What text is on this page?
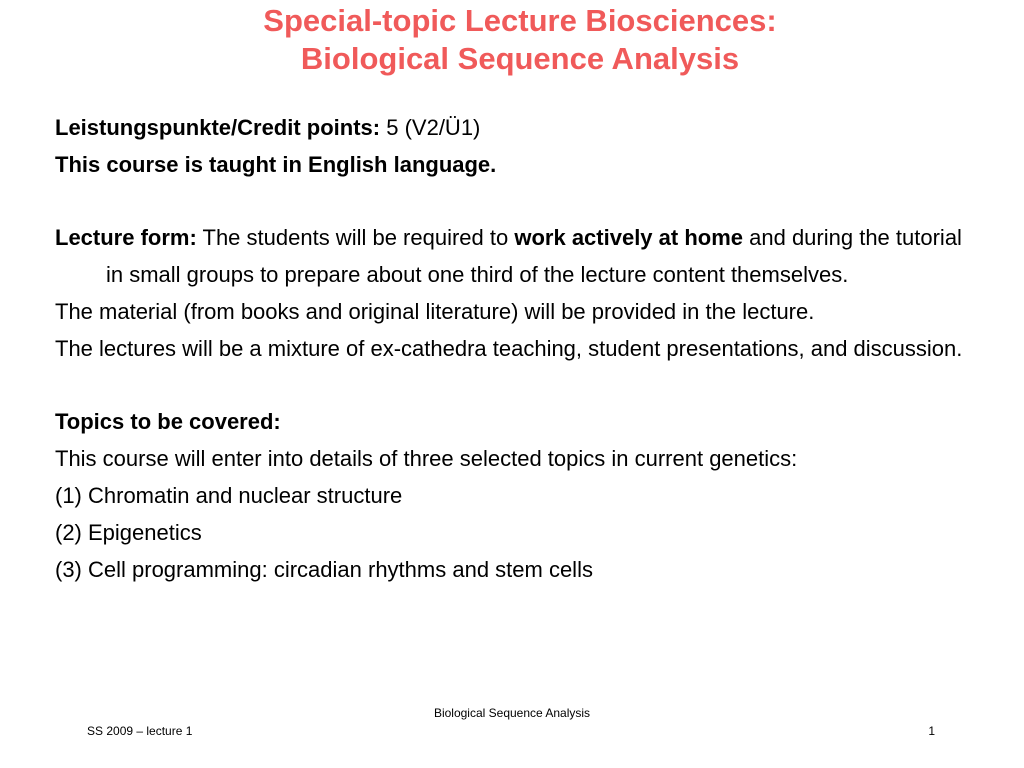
Special-topic Lecture Biosciences:
Biological Sequence Analysis

Leistungspunkte/Credit points: 5 (V2/Ü1)

This course is taught in English language.

Lecture form: The students will be required to work actively at home and during the tutorial in small groups to prepare about one third of the lecture content themselves.

The material (from books and original literature) will be provided in the lecture.

The lectures will be a mixture of ex-cathedra teaching, student presentations, and discussion.

Topics to be covered:

This course will enter into details of three selected topics in current genetics:

(1) Chromatin and nuclear structure

(2) Epigenetics

(3) Cell programming: circadian rhythms and stem cells

Biological Sequence Analysis
SS 2009 – lecture 1	1
